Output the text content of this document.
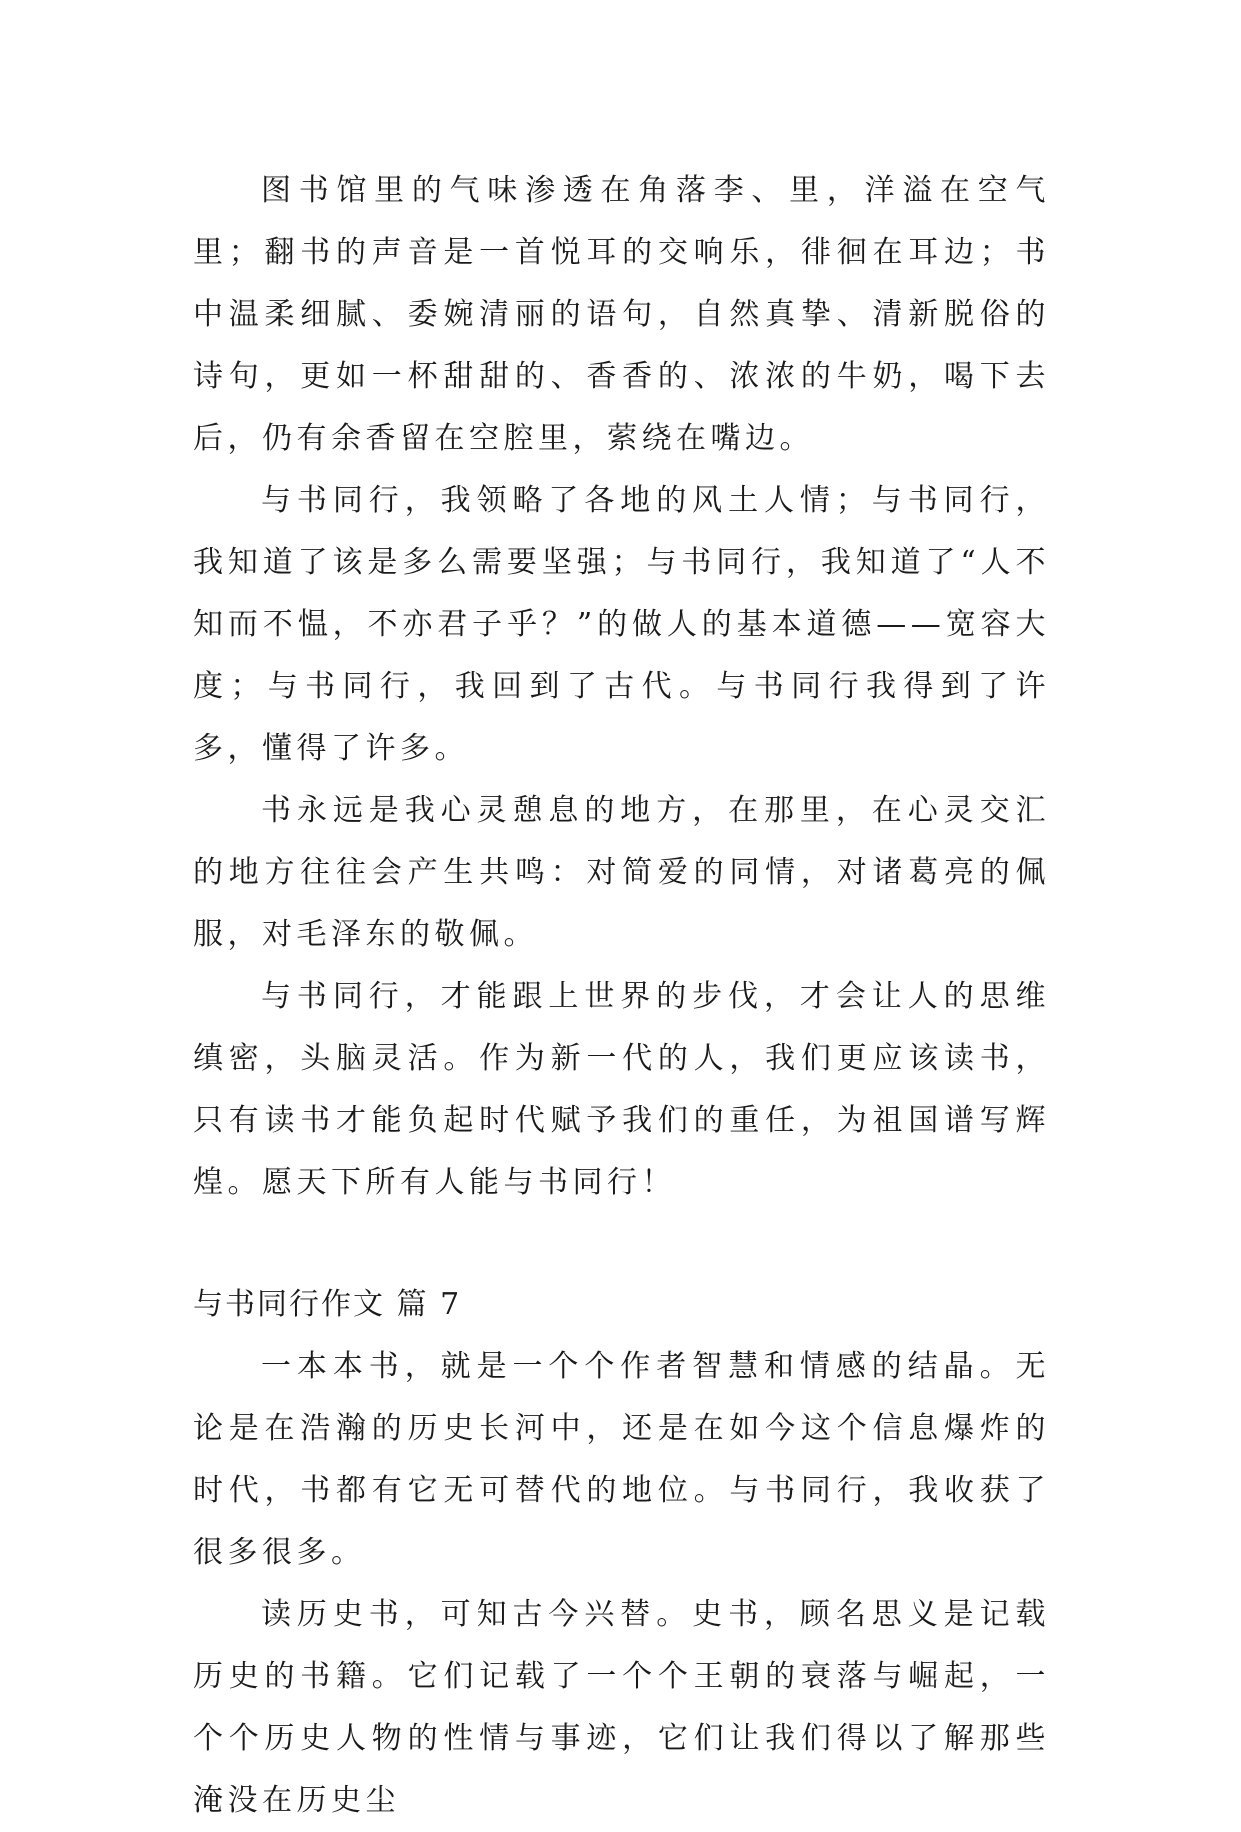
图书馆里的气味渗透在角落李、里，洋溢在空气里；翻书的声音是一首悦耳的交响乐，徘徊在耳边；书中温柔细腻、委婉清丽的语句，自然真挚、清新脱俗的诗句，更如一杯甜甜的、香香的、浓浓的牛奶，喝下去后，仍有余香留在空腔里，萦绕在嘴边。

与书同行，我领略了各地的风土人情；与书同行，我知道了该是多么需要坚强；与书同行，我知道了“人不知而不愠，不亦君子乎？”的做人的基本道德——宽容大度；与书同行，我回到了古代。与书同行我得到了许多，懂得了许多。

书永远是我心灵憩息的地方，在那里，在心灵交汇的地方往往会产生共鸣：对简爱的同情，对诸葛亮的佩服，对毛泽东的敬佩。

与书同行，才能跟上世界的步伐，才会让人的思维缜密，头脑灵活。作为新一代的人，我们更应该读书，只有读书才能负起时代赋予我们的重任，为祖国谱写辉煌。愿天下所有人能与书同行！

与书同行作文 篇 7

一本本书，就是一个个作者智慧和情感的结晶。无论是在浩瀚的历史长河中，还是在如今这个信息爆炸的时代，书都有它无可替代的地位。与书同行，我收获了很多很多。

读历史书，可知古今兴替。史书，顾名思义是记载历史的书籍。它们记载了一个个王朝的衰落与崛起，一个个历史人物的性情与事迹，它们让我们得以了解那些淹没在历史尘
